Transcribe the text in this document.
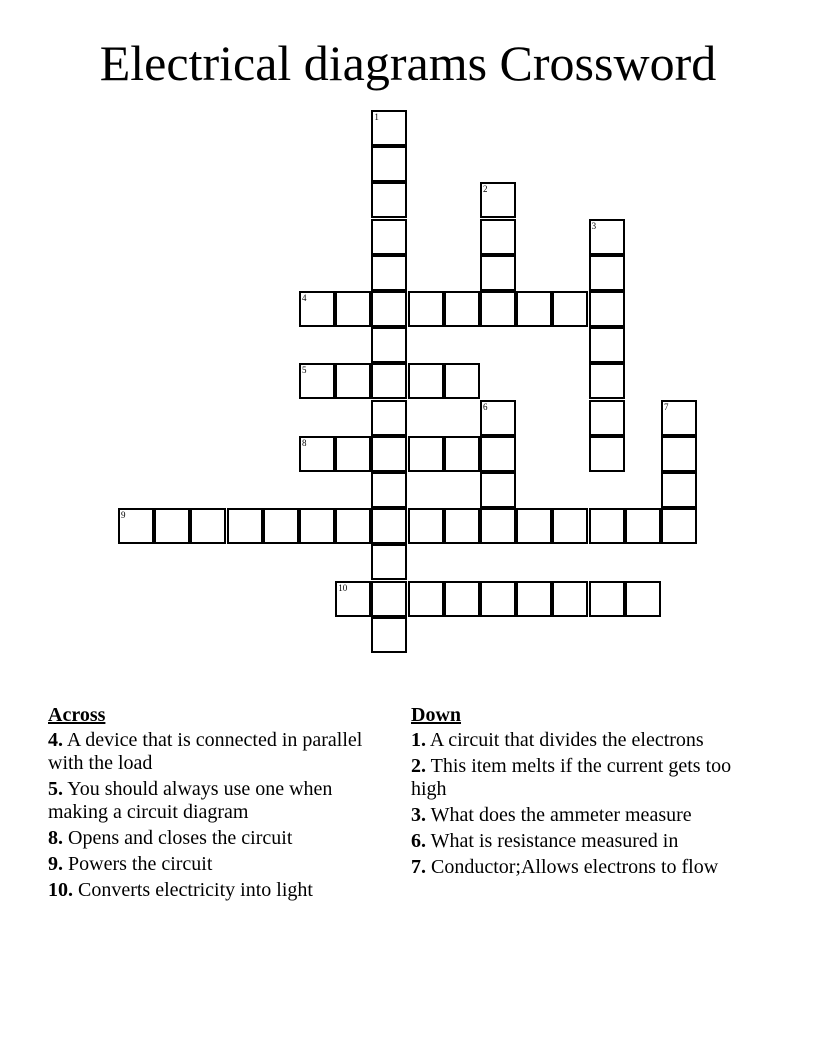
Electrical diagrams Crossword
1
2
3
4
5
6	7
8
9
10
Across
4. A device that is connected in parallel with the load
5. You should always use one when making a circuit diagram
8. Opens and closes the circuit
9. Powers the circuit
10. Converts electricity into light
Down
1. A circuit that divides the electrons
2. This item melts if the current gets too high
3. What does the ammeter measure
6. What is resistance measured in
7. Conductor;Allows electrons to flow
